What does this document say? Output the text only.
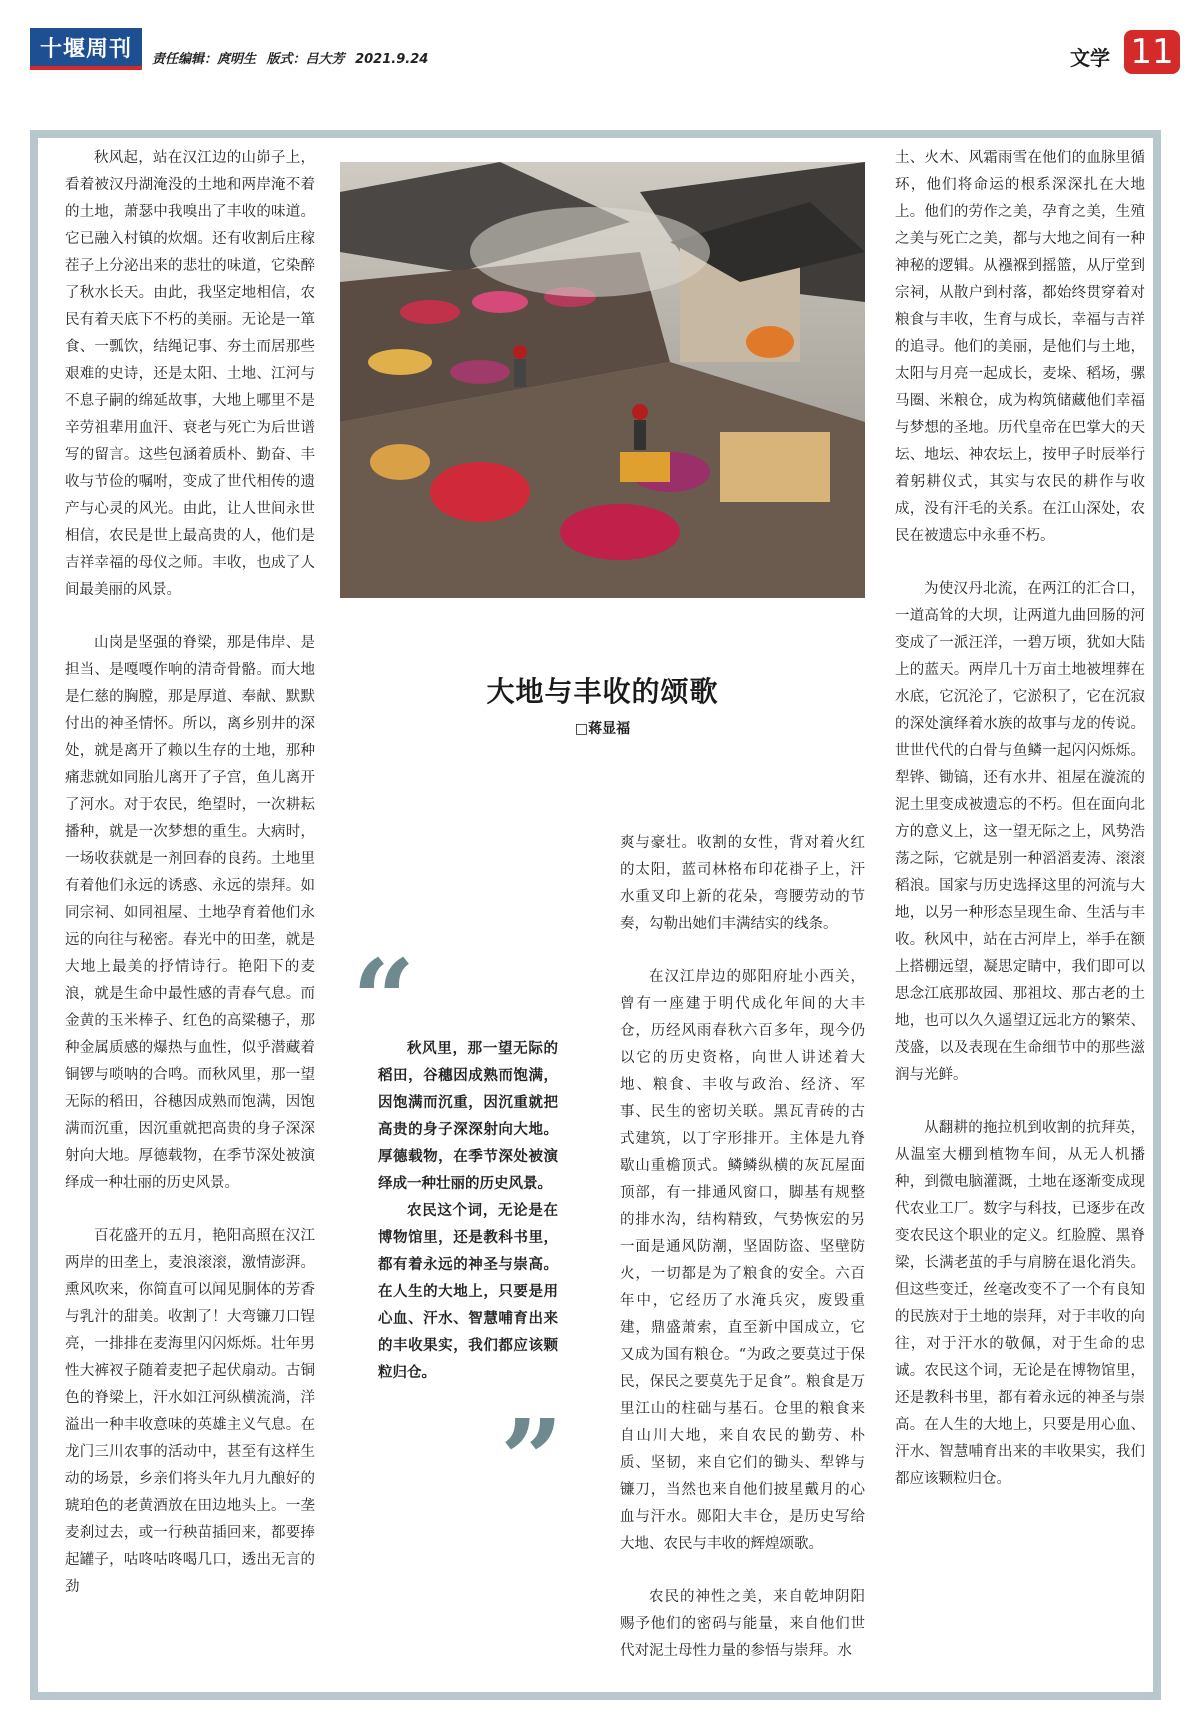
十堰周刊	责任编辑：庹明生 版式：吕大芳 2021.9.24	文学 11

秋风起，站在汉江边的山峁子上，看着被汉丹湖淹没的土地和两岸淹不着的土地，萧瑟中我嗅出了丰收的味道。它已融入村镇的炊烟。还有收割后庄稼茬子上分泌出来的悲壮的味道，它染醉了秋水长天。由此，我坚定地相信，农民有着天底下不朽的美丽。无论是一箪食、一瓢饮，结绳记事、夯土而居那些艰难的史诗，还是太阳、土地、江河与不息子嗣的绵延故事，大地上哪里不是辛劳祖辈用血汗、衰老与死亡为后世谱写的留言。这些包涵着质朴、勤奋、丰收与节俭的嘱咐，变成了世代相传的遗产与心灵的风光。由此，让人世间永世相信，农民是世上最高贵的人，他们是吉祥幸福的母仪之师。丰收，也成了人间最美丽的风景。

山岗是坚强的脊梁，那是伟岸、是担当、是嘎嘎作响的清奇骨骼。而大地是仁慈的胸膛，那是厚道、奉献、默默付出的神圣情怀。所以，离乡别井的深处，就是离开了赖以生存的土地，那种痛悲就如同胎儿离开了子宫，鱼儿离开了河水。对于农民，绝望时，一次耕耘播种，就是一次梦想的重生。大病时，一场收获就是一剂回春的良药。土地里有着他们永远的诱惑、永远的崇拜。如同宗祠、如同祖屋、土地孕育着他们永远的向往与秘密。春光中的田垄，就是大地上最美的抒情诗行。艳阳下的麦浪，就是生命中最性感的青春气息。而金黄的玉米棒子、红色的高粱穗子，那种金属质感的爆热与血性，似乎潜藏着铜锣与唢呐的合鸣。而秋风里，那一望无际的稻田，谷穗因成熟而饱满，因饱满而沉重，因沉重就把高贵的身子深深射向大地。厚德载物，在季节深处被演绎成一种壮丽的历史风景。

百花盛开的五月，艳阳高照在汉江两岸的田垄上，麦浪滚滚，激情澎湃。熏风吹来，你简直可以闻见胴体的芳香与乳汁的甜美。收割了！大弯镰刀口锃亮，一排排在麦海里闪闪烁烁。壮年男性大裤衩子随着麦把子起伏扇动。古铜色的脊梁上，汗水如江河纵横流淌，洋溢出一种丰收意味的英雄主义气息。在龙门三川农事的活动中，甚至有这样生动的场景，乡亲们将头年九月九酿好的琥珀色的老黄酒放在田边地头上。一垄麦刹过去，或一行秧苗插回来，都要捧起罐子，咕咚咕咚喝几口，透出无言的劲

大地与丰收的颂歌
□蒋显福
“

秋风里，那一望无际的稻田，谷穗因成熟而饱满，因饱满而沉重，因沉重就把高贵的身子深深射向大地。厚德载物，在季节深处被演绎成一种壮丽的历史风景。

农民这个词，无论是在博物馆里，还是教科书里，都有着永远的神圣与崇高。在人生的大地上，只要是用心血、汗水、智慧哺育出来的丰收果实，我们都应该颗粒归仓。

”

爽与豪壮。收割的女性，背对着火红的太阳，蓝司林格布印花褂子上，汗水重叉印上新的花朵，弯腰劳动的节奏，勾勒出她们丰满结实的线条。

在汉江岸边的郧阳府址小西关，曾有一座建于明代成化年间的大丰仓，历经风雨春秋六百多年，现今仍以它的历史资格，向世人讲述着大地、粮食、丰收与政治、经济、军事、民生的密切关联。黑瓦青砖的古式建筑，以丁字形排开。主体是九脊歇山重檐顶式。鳞鳞纵横的灰瓦屋面顶部，有一排通风窗口，脚基有规整的排水沟，结构精致，气势恢宏的另一面是通风防潮，坚固防盗、坚壁防火，一切都是为了粮食的安全。六百年中，它经历了水淹兵灾，废毁重建，鼎盛萧索，直至新中国成立，它又成为国有粮仓。“为政之要莫过于保民，保民之要莫先于足食”。粮食是万里江山的柱础与基石。仓里的粮食来自山川大地，来自农民的勤劳、朴质、坚韧，来自它们的锄头、犁铧与镰刀，当然也来自他们披星戴月的心血与汗水。郧阳大丰仓，是历史写给大地、农民与丰收的辉煌颂歌。

农民的神性之美，来自乾坤阴阳赐予他们的密码与能量，来自他们世代对泥土母性力量的参悟与崇拜。水

土、火木、风霜雨雪在他们的血脉里循环，他们将命运的根系深深扎在大地上。他们的劳作之美，孕育之美，生殖之美与死亡之美，都与大地之间有一种神秘的逻辑。从襁褓到摇篮，从厅堂到宗祠，从散户到村落，都始终贯穿着对粮食与丰收，生育与成长，幸福与吉祥的追寻。他们的美丽，是他们与土地，太阳与月亮一起成长，麦垛、稻场，骡马圈、米粮仓，成为构筑储藏他们幸福与梦想的圣地。历代皇帝在巴掌大的天坛、地坛、神农坛上，按甲子时辰举行着躬耕仪式，其实与农民的耕作与收成，没有汗毛的关系。在江山深处，农民在被遗忘中永垂不朽。

为使汉丹北流，在两江的汇合口，一道高耸的大坝，让两道九曲回肠的河变成了一派汪洋，一碧万顷，犹如大陆上的蓝天。两岸几十万亩土地被埋葬在水底，它沉沦了，它淤积了，它在沉寂的深处演绎着水族的故事与龙的传说。世世代代的白骨与鱼鳞一起闪闪烁烁。犁铧、锄镐，还有水井、祖屋在漩流的泥土里变成被遗忘的不朽。但在面向北方的意义上，这一望无际之上，风势浩荡之际，它就是别一种滔滔麦涛、滚滚稻浪。国家与历史选择这里的河流与大地，以另一种形态呈现生命、生活与丰收。秋风中，站在古河岸上，举手在额上搭棚远望，凝思定睛中，我们即可以思念江底那故园、那祖坟、那古老的土地，也可以久久遥望辽远北方的繁荣、茂盛，以及表现在生命细节中的那些滋润与光鲜。

从翻耕的拖拉机到收割的抗拜英，从温室大棚到植物车间，从无人机播种，到微电脑灌溉，土地在逐渐变成现代农业工厂。数字与科技，已逐步在改变农民这个职业的定义。红脸膛、黑脊梁，长满老茧的手与肩膀在退化消失。但这些变迁，丝毫改变不了一个有良知的民族对于土地的崇拜，对于丰收的向往，对于汗水的敬佩，对于生命的忠诚。农民这个词，无论是在博物馆里，还是教科书里，都有着永远的神圣与崇高。在人生的大地上，只要是用心血、汗水、智慧哺育出来的丰收果实，我们都应该颗粒归仓。
